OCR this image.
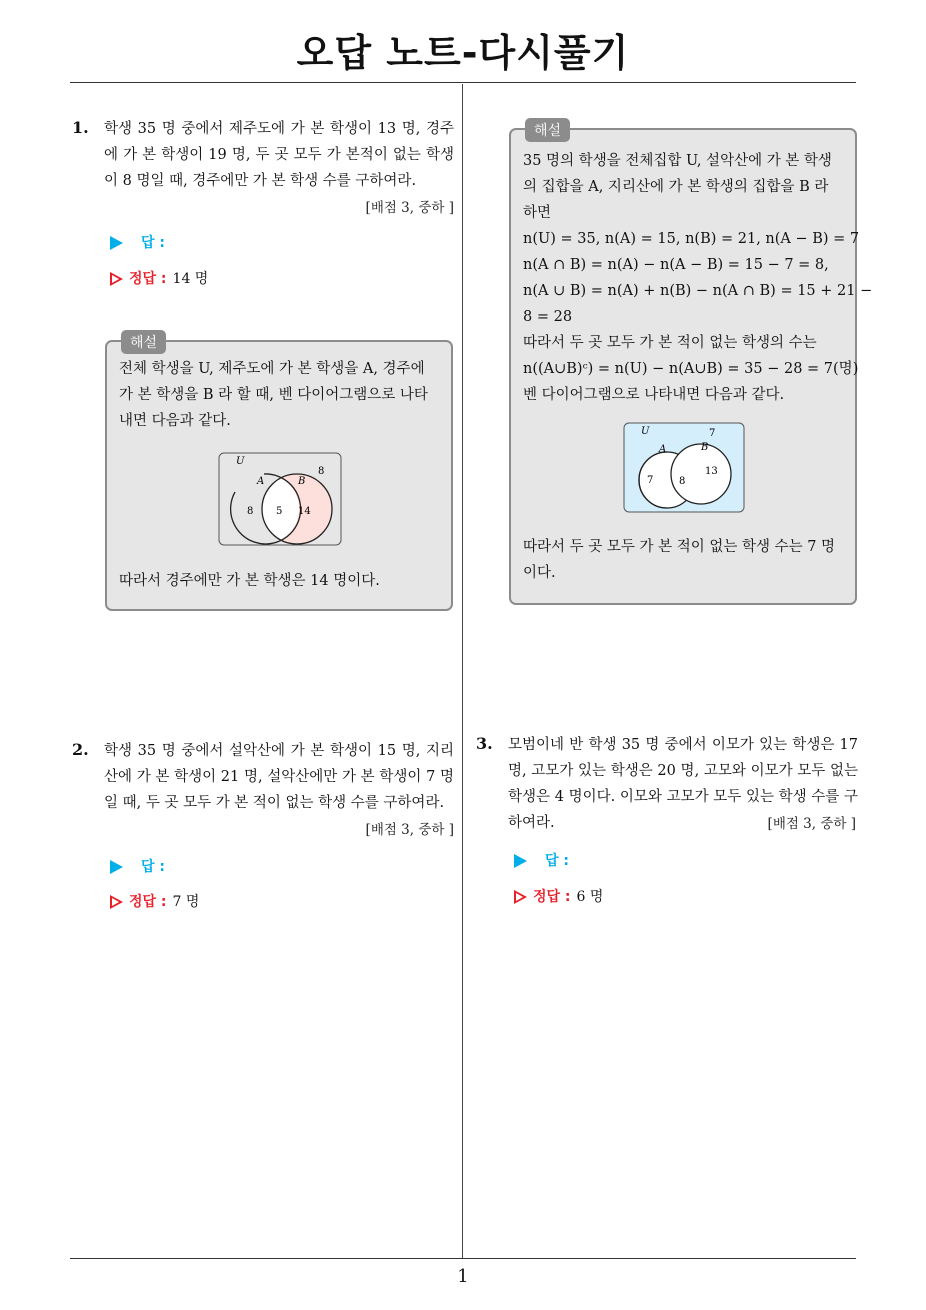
오답 노트-다시풀기
1
1. 학생 35 명 중에서 제주도에 가 본 학생이 13 명, 경주에 가 본 학생이 19 명, 두 곳 모두 가 본적이 없는 학생이 8 명일 때, 경주에만 가 본 학생 수를 구하여라.
[배점 3, 중하 ]
답 :
정답 : 14 명
해설
전체 학생을 U, 제주도에 가 본 학생을 A, 경주에
가 본 학생을 B 라 할 때, 벤 다이어그램으로 나타
내면 다음과 같다.
U
A	B
8
8 5 14
따라서 경주에만 가 본 학생은 14 명이다.
해설
35 명의 학생을 전체집합 U, 설악산에 가 본 학생
의 집합을 A, 지리산에 가 본 학생의 집합을 B 라
하면
n(U) = 35, n(A) = 15, n(B) = 21, n(A − B) = 7
n(A ∩ B) = n(A) − n(A − B) = 15 − 7 = 8,
n(A ∪ B) = n(A) + n(B) − n(A ∩ B) = 15 + 21 −
8 = 28
따라서 두 곳 모두 가 본 적이 없는 학생의 수는
n((A∪B)ᶜ) = n(U) − n(A∪B) = 35 − 28 = 7(명)
벤 다이어그램으로 나타내면 다음과 같다.
U
A	B
7
7	8
13
따라서 두 곳 모두 가 본 적이 없는 학생 수는 7 명
이다.
2. 학생 35 명 중에서 설악산에 가 본 학생이 15 명, 지리산에 가 본 학생이 21 명, 설악산에만 가 본 학생이 7 명일 때, 두 곳 모두 가 본 적이 없는 학생 수를 구하여라.
[배점 3, 중하 ]
답 :
정답 : 7 명
3. 모범이네 반 학생 35 명 중에서 이모가 있는 학생은 17 명, 고모가 있는 학생은 20 명, 고모와 이모가 모두 없는 학생은 4 명이다. 이모와 고모가 모두 있는 학생 수를 구하여라.	[배점 3, 중하 ]
답 :
정답 : 6 명
